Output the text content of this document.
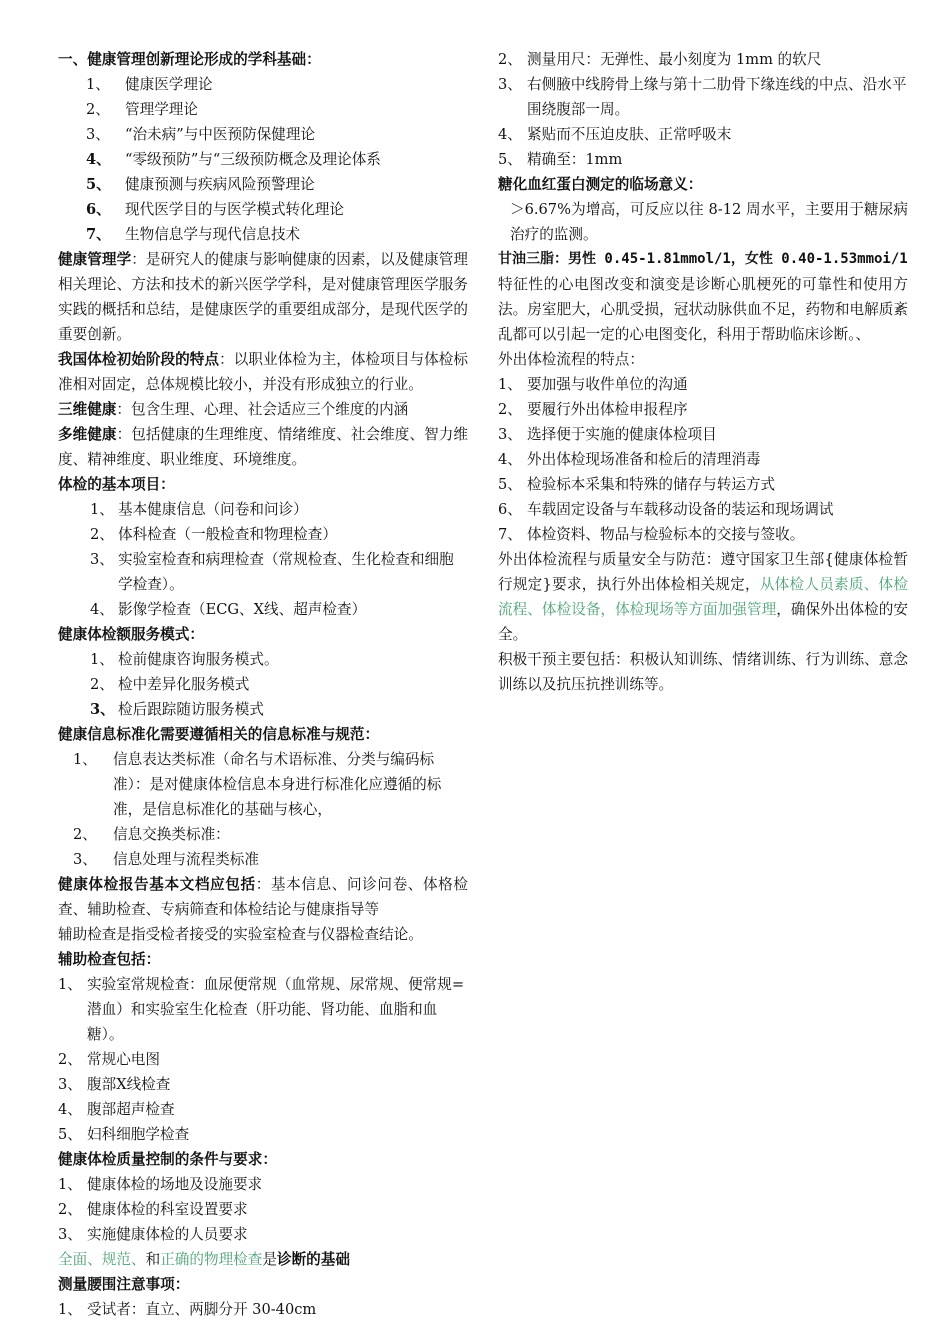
一、健康管理创新理论形成的学科基础：
1、	健康医学理论
2、	管理学理论
3、	“治未病”与中医预防保健理论
4、 “零级预防”与“三级预防概念及理论体系
5、 健康预测与疾病风险预警理论
6、 现代医学目的与医学模式转化理论
7、 生物信息学与现代信息技术
健康管理学：是研究人的健康与影响健康的因素，以及健康管理相关理论、方法和技术的新兴医学学科，是对健康管理医学服务实践的概括和总结，是健康医学的重要组成部分，是现代医学的重要创新。
我国体检初始阶段的特点：以职业体检为主，体检项目与体检标准相对固定，总体规模比较小，并没有形成独立的行业。
三维健康：包含生理、心理、社会适应三个维度的内涵
多维健康：包括健康的生理维度、情绪维度、社会维度、智力维度、精神维度、职业维度、环境维度。
体检的基本项目：
1、 基本健康信息（问卷和问诊）
2、 体科检查（一般检查和物理检查）
3、 实验室检查和病理检查（常规检查、生化检查和细胞学检查）。
4、 影像学检查（ECG、X线、超声检查）
健康体检额服务模式：
1、 检前健康咨询服务模式。
2、 检中差异化服务模式
3、 检后跟踪随访服务模式
健康信息标准化需要遵循相关的信息标准与规范：
1、	信息表达类标准（命名与术语标准、分类与编码标准）：是对健康体检信息本身进行标准化应遵循的标准，是信息标准化的基础与核心，
2、	信息交换类标准：
3、	信息处理与流程类标准
健康体检报告基本文档应包括：基本信息、问诊问卷、体格检查、辅助检查、专病筛查和体检结论与健康指导等
辅助检查是指受检者接受的实验室检查与仪器检查结论。
辅助检查包括：
1、 实验室常规检查：血尿便常规（血常规、尿常规、便常规=潜血）和实验室生化检查（肝功能、肾功能、血脂和血糖）。
2、 常规心电图
3、 腹部X线检查
4、 腹部超声检查
5、 妇科细胞学检查
健康体检质量控制的条件与要求：
1、 健康体检的场地及设施要求
2、 健康体检的科室设置要求
3、 实施健康体检的人员要求
全面、规范、和正确的物理检查是诊断的基础
测量腰围注意事项：
1、 受试者：直立、两脚分开 30-40cm
2、 测量用尺：无弹性、最小刻度为 1mm 的软尺
3、 右侧腋中线胯骨上缘与第十二肋骨下缘连线的中点、沿水平围绕腹部一周。
4、 紧贴而不压迫皮肤、正常呼吸末
5、 精确至：1mm
糖化血红蛋白测定的临场意义：
＞6.67%为增高，可反应以往 8-12 周水平，主要用于糖尿病治疗的监测。
甘油三脂：男性 0.45-1.81mmol/1，女性 0.40-1.53mmoi/1
特征性的心电图改变和演变是诊断心肌梗死的可靠性和使用方法。房室肥大，心肌受损，冠状动脉供血不足，药物和电解质紊乱都可以引起一定的心电图变化，科用于帮助临床诊断。、
外出体检流程的特点：
1、 要加强与收件单位的沟通
2、 要履行外出体检申报程序
3、 选择便于实施的健康体检项目
4、 外出体检现场准备和检后的清理消毒
5、 检验标本采集和特殊的储存与转运方式
6、 车载固定设备与车载移动设备的装运和现场调试
7、 体检资料、物品与检验标本的交接与签收。
外出体检流程与质量安全与防范：遵守国家卫生部{健康体检暂行规定}要求，执行外出体检相关规定，从体检人员素质、体检流程、体检设备，体检现场等方面加强管理，确保外出体检的安全。
积极干预主要包括：积极认知训练、情绪训练、行为训练、意念训练以及抗压抗挫训练等。
